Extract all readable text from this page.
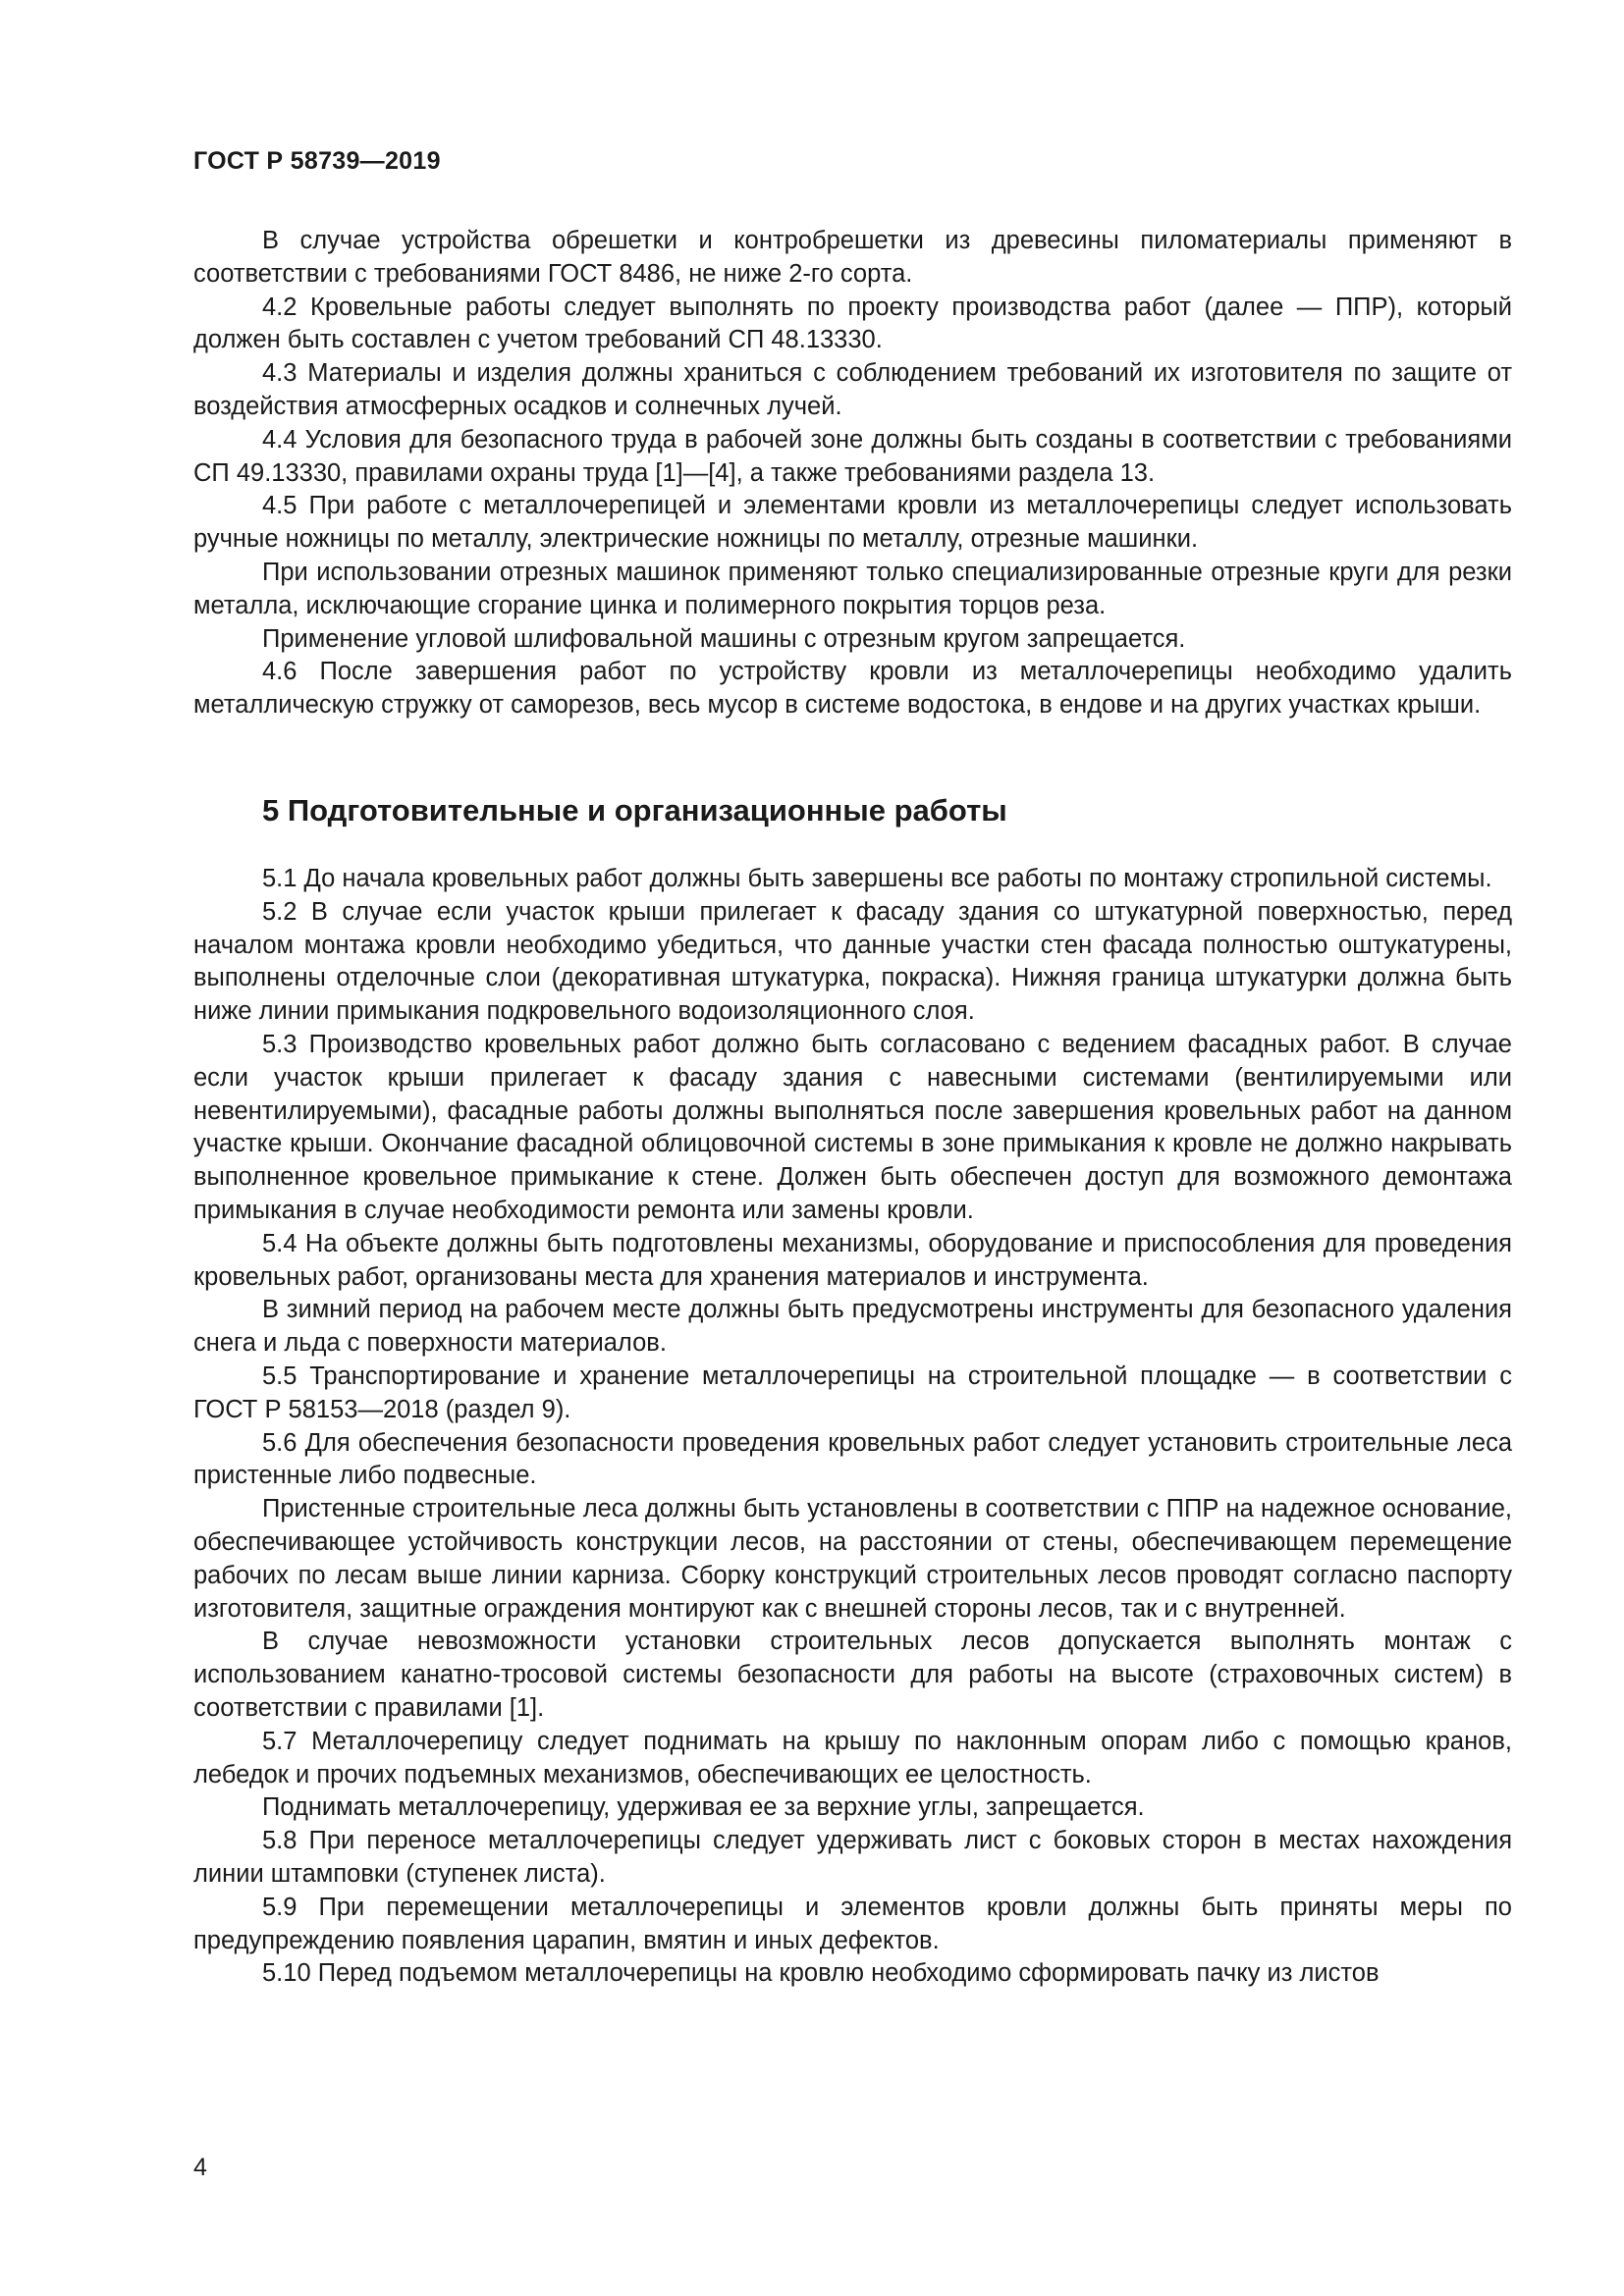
ГОСТ Р 58739—2019

В случае устройства обрешетки и контробрешетки из древесины пиломатериалы применяют в соответствии с требованиями ГОСТ 8486, не ниже 2-го сорта.

4.2 Кровельные работы следует выполнять по проекту производства работ (далее — ППР), который должен быть составлен с учетом требований СП 48.13330.

4.3 Материалы и изделия должны храниться с соблюдением требований их изготовителя по защите от воздействия атмосферных осадков и солнечных лучей.

4.4 Условия для безопасного труда в рабочей зоне должны быть созданы в соответствии с требованиями СП 49.13330, правилами охраны труда [1]—[4], а также требованиями раздела 13.

4.5 При работе с металлочерепицей и элементами кровли из металлочерепицы следует использовать ручные ножницы по металлу, электрические ножницы по металлу, отрезные машинки.

При использовании отрезных машинок применяют только специализированные отрезные круги для резки металла, исключающие сгорание цинка и полимерного покрытия торцов реза.

Применение угловой шлифовальной машины с отрезным кругом запрещается.

4.6 После завершения работ по устройству кровли из металлочерепицы необходимо удалить металлическую стружку от саморезов, весь мусор в системе водостока, в ендове и на других участках крыши.

5 Подготовительные и организационные работы

5.1 До начала кровельных работ должны быть завершены все работы по монтажу стропильной системы.

5.2 В случае если участок крыши прилегает к фасаду здания со штукатурной поверхностью, перед началом монтажа кровли необходимо убедиться, что данные участки стен фасада полностью оштукатурены, выполнены отделочные слои (декоративная штукатурка, покраска). Нижняя граница штукатурки должна быть ниже линии примыкания подкровельного водоизоляционного слоя.

5.3 Производство кровельных работ должно быть согласовано с ведением фасадных работ. В случае если участок крыши прилегает к фасаду здания с навесными системами (вентилируемыми или невентилируемыми), фасадные работы должны выполняться после завершения кровельных работ на данном участке крыши. Окончание фасадной облицовочной системы в зоне примыкания к кровле не должно накрывать выполненное кровельное примыкание к стене. Должен быть обеспечен доступ для возможного демонтажа примыкания в случае необходимости ремонта или замены кровли.

5.4 На объекте должны быть подготовлены механизмы, оборудование и приспособления для проведения кровельных работ, организованы места для хранения материалов и инструмента.

В зимний период на рабочем месте должны быть предусмотрены инструменты для безопасного удаления снега и льда с поверхности материалов.

5.5 Транспортирование и хранение металлочерепицы на строительной площадке — в соответствии с ГОСТ Р 58153—2018 (раздел 9).

5.6 Для обеспечения безопасности проведения кровельных работ следует установить строительные леса пристенные либо подвесные.

Пристенные строительные леса должны быть установлены в соответствии с ППР на надежное основание, обеспечивающее устойчивость конструкции лесов, на расстоянии от стены, обеспечивающем перемещение рабочих по лесам выше линии карниза. Сборку конструкций строительных лесов проводят согласно паспорту изготовителя, защитные ограждения монтируют как с внешней стороны лесов, так и с внутренней.

В случае невозможности установки строительных лесов допускается выполнять монтаж с использованием канатно-тросовой системы безопасности для работы на высоте (страховочных систем) в соответствии с правилами [1].

5.7 Металлочерепицу следует поднимать на крышу по наклонным опорам либо с помощью кранов, лебедок и прочих подъемных механизмов, обеспечивающих ее целостность.

Поднимать металлочерепицу, удерживая ее за верхние углы, запрещается.

5.8 При переносе металлочерепицы следует удерживать лист с боковых сторон в местах нахождения линии штамповки (ступенек листа).

5.9 При перемещении металлочерепицы и элементов кровли должны быть приняты меры по предупреждению появления царапин, вмятин и иных дефектов.

5.10 Перед подъемом металлочерепицы на кровлю необходимо сформировать пачку из листов

4
